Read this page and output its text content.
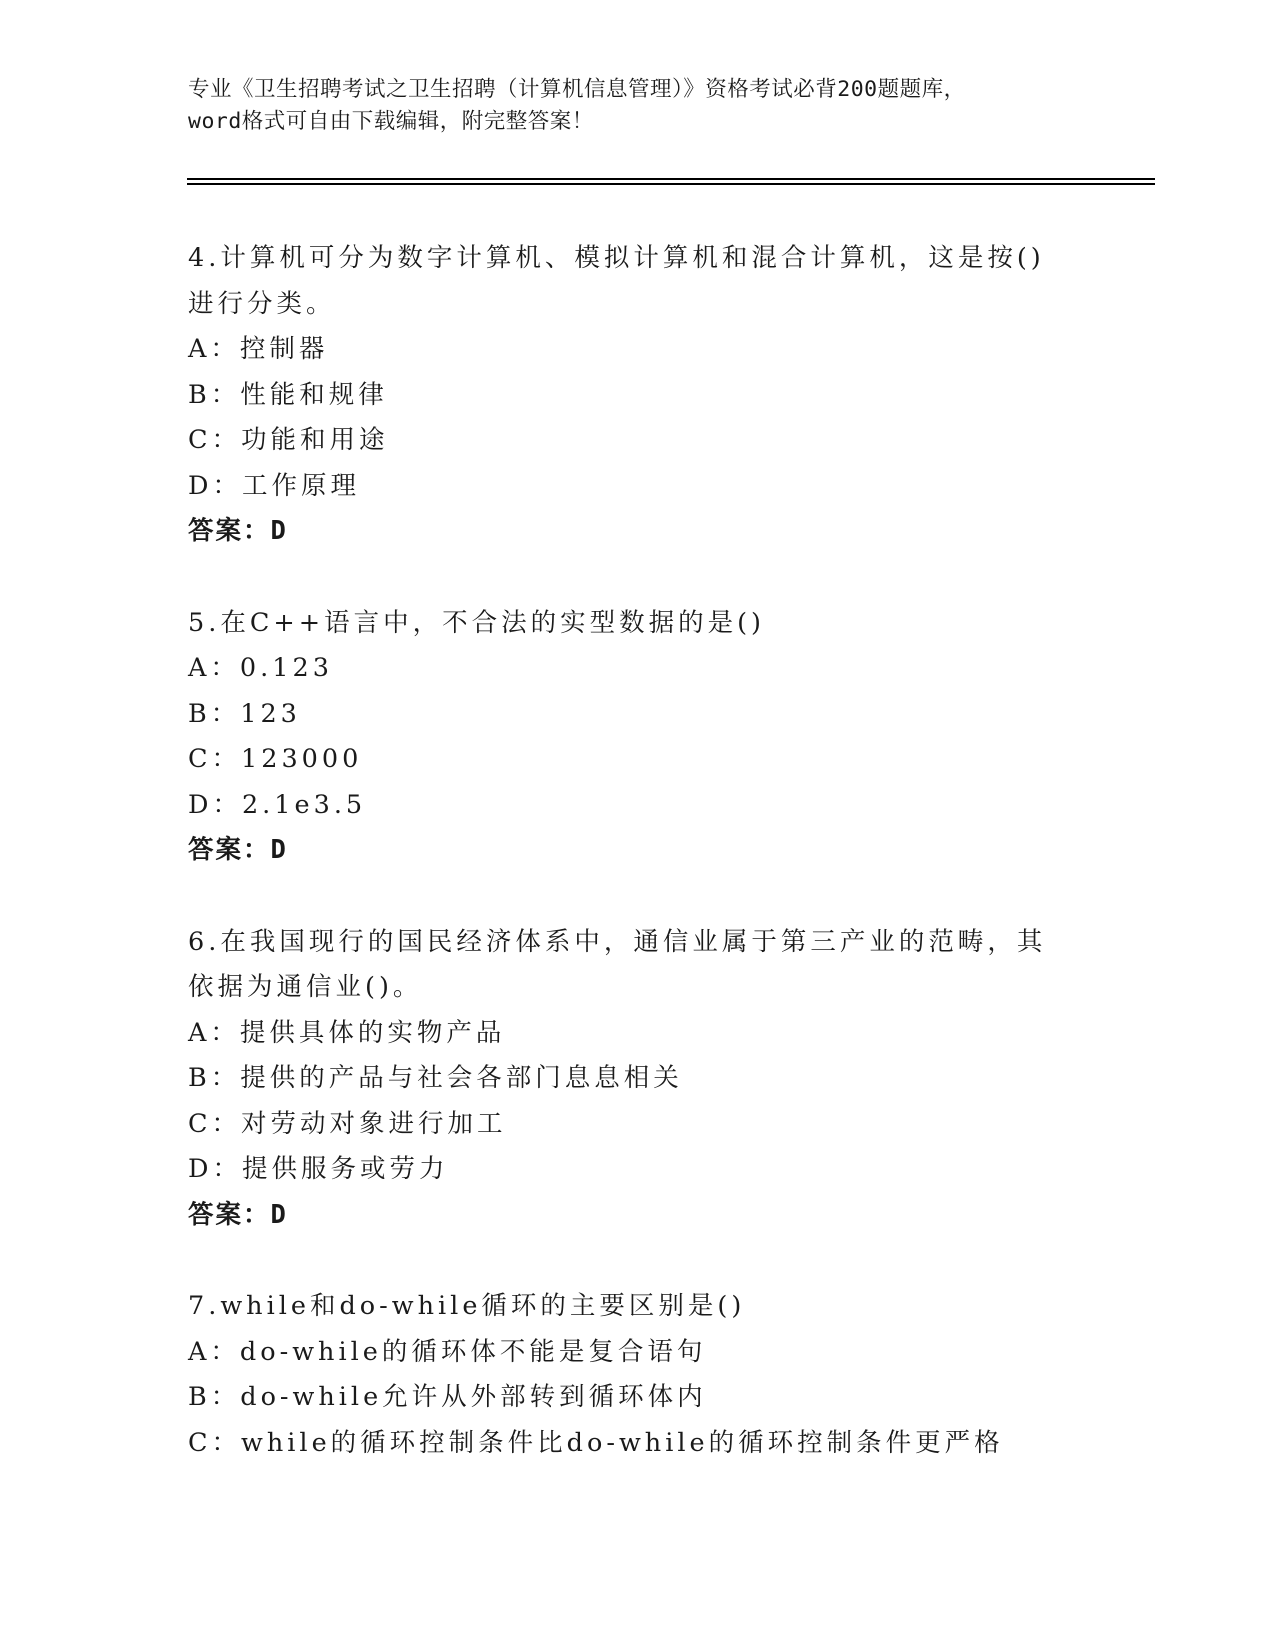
专业《卫生招聘考试之卫生招聘（计算机信息管理）》资格考试必背200题题库，
word格式可自由下载编辑，附完整答案！
4.计算机可分为数字计算机、模拟计算机和混合计算机，这是按()进行分类。
A：控制器
B：性能和规律
C：功能和用途
D：工作原理
答案：D
5.在C++语言中，不合法的实型数据的是()
A：0.123
B：123
C：123000
D：2.1e3.5
答案：D
6.在我国现行的国民经济体系中，通信业属于第三产业的范畴，其依据为通信业()。
A：提供具体的实物产品
B：提供的产品与社会各部门息息相关
C：对劳动对象进行加工
D：提供服务或劳力
答案：D
7.while和do-while循环的主要区别是()
A：do-while的循环体不能是复合语句
B：do-while允许从外部转到循环体内
C：while的循环控制条件比do-while的循环控制条件更严格
